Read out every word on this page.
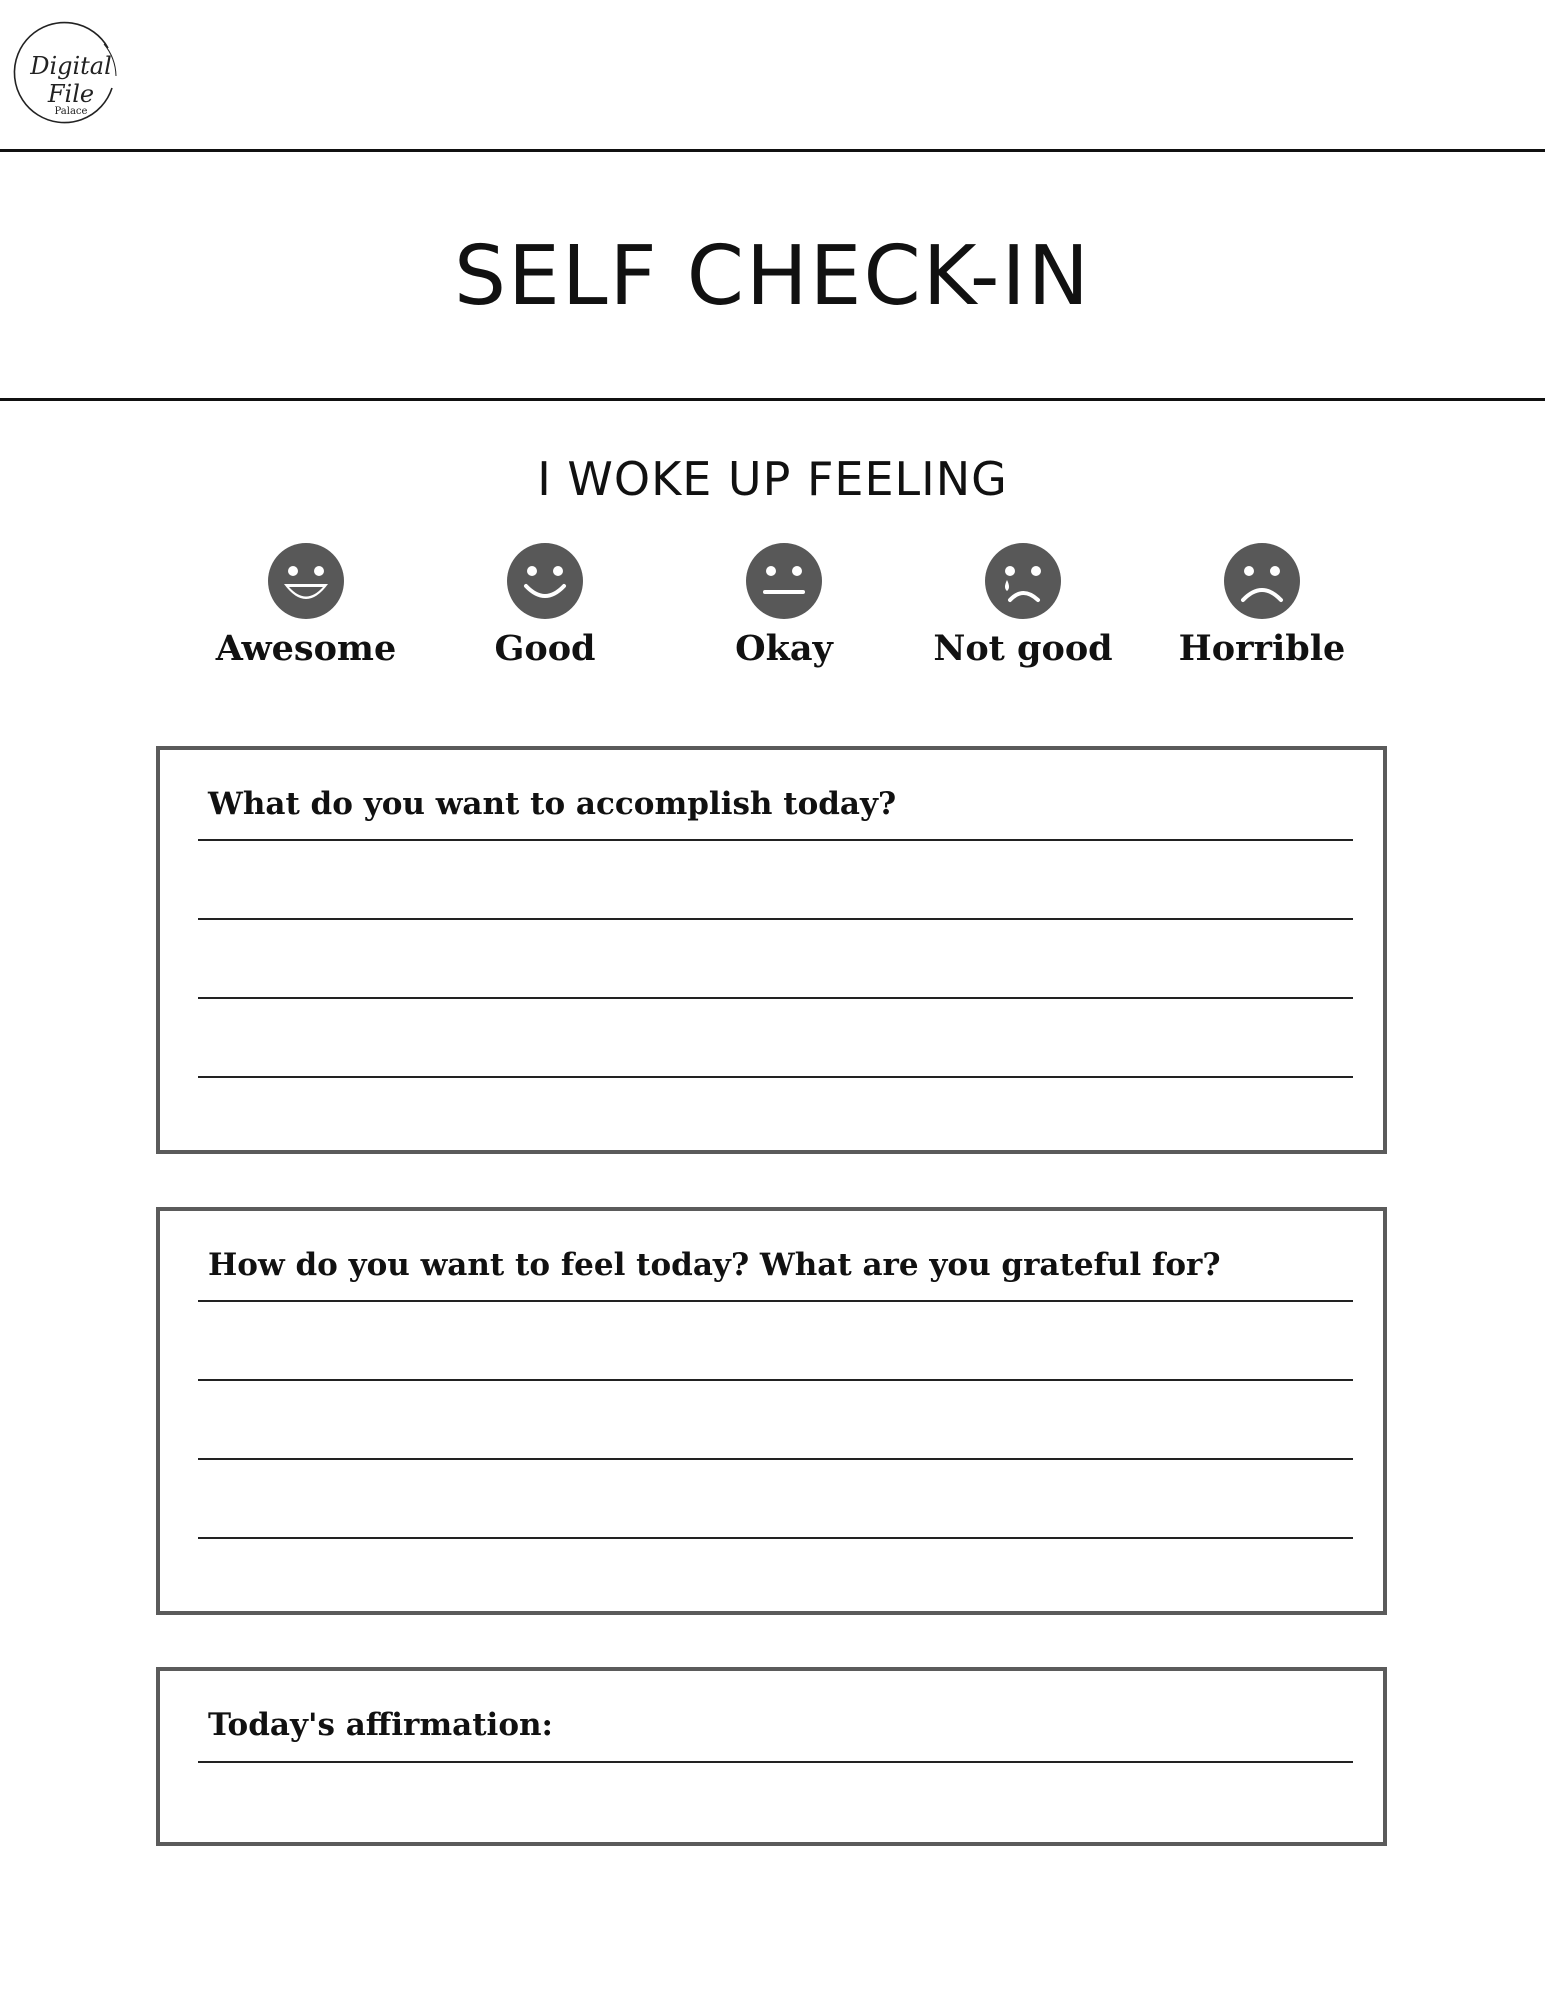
Digital File
Palace
SELF CHECK-IN
I WOKE UP FEELING
Awesome	Good	Okay	Not good	Horrible
What do you want to accomplish today?
How do you want to feel today? What are you grateful for?
Today's affirmation:
